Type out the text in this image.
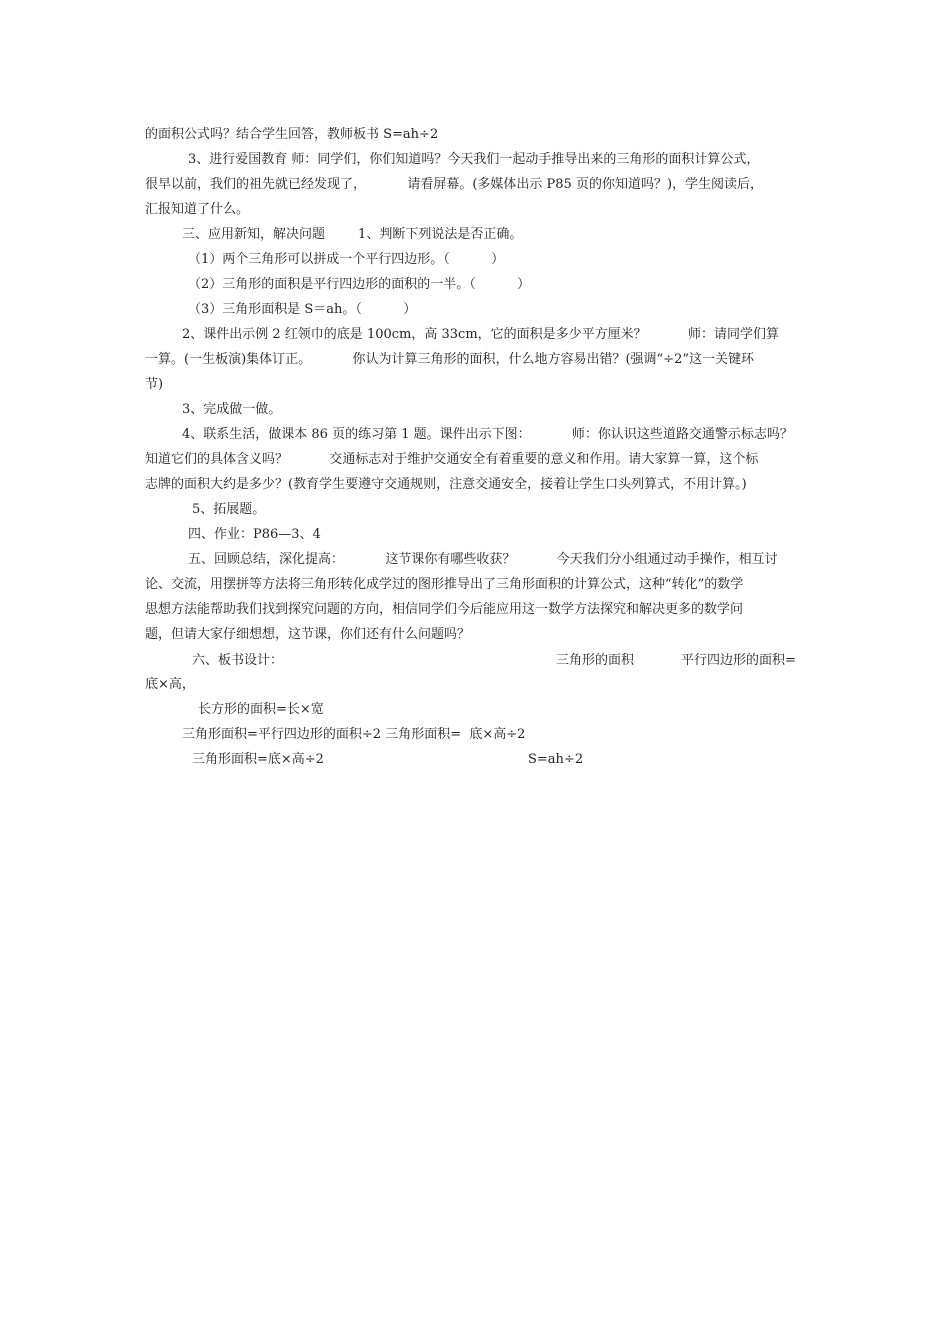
的面积公式吗？结合学生回答，教师板书 S=ah÷2
3、进行爱国教育 师：同学们，你们知道吗？今天我们一起动手推导出来的三角形的面积计算公式，
很早以前，我们的祖先就已经发现了，          请看屏幕。(多媒体出示 P85 页的你知道吗？)，学生阅读后，
汇报知道了什么。
三、应用新知，解决问题        1、判断下列说法是否正确。
（1）两个三角形可以拼成一个平行四边形。（          ）
（2）三角形的面积是平行四边形的面积的一半。（          ）
（3）三角形面积是 S＝ah。（          ）
2、课件出示例 2 红领巾的底是 100cm，高 33cm，它的面积是多少平方厘米？          师：请同学们算
一算。(一生板演)集体订正。          你认为计算三角形的面积，什么地方容易出错？(强调“÷2”这一关键环
节)
3、完成做一做。
4、联系生活，做课本 86 页的练习第 1 题。课件出示下图：          师：你认识这些道路交通警示标志吗？
知道它们的具体含义吗？          交通标志对于维护交通安全有着重要的意义和作用。请大家算一算，这个标
志牌的面积大约是多少？(教育学生要遵守交通规则，注意交通安全，接着让学生口头列算式，不用计算。)
5、拓展题。
四、作业：P86—3、4
五、回顾总结，深化提高：          这节课你有哪些收获？          今天我们分小组通过动手操作，相互讨
论、交流，用摆拼等方法将三角形转化成学过的图形推导出了三角形面积的计算公式，这种“转化”的数学
思想方法能帮助我们找到探究问题的方向，相信同学们今后能应用这一数学方法探究和解决更多的数学问
题，但请大家仔细想想，这节课，你们还有什么问题吗？
六、板书设计：	三角形的面积	平行四边形的面积=
底×高，
长方形的面积=长×宽
三角形面积=平行四边形的面积÷2 三角形面积=  底×高÷2
三角形面积=底×高÷2	S=ah÷2
